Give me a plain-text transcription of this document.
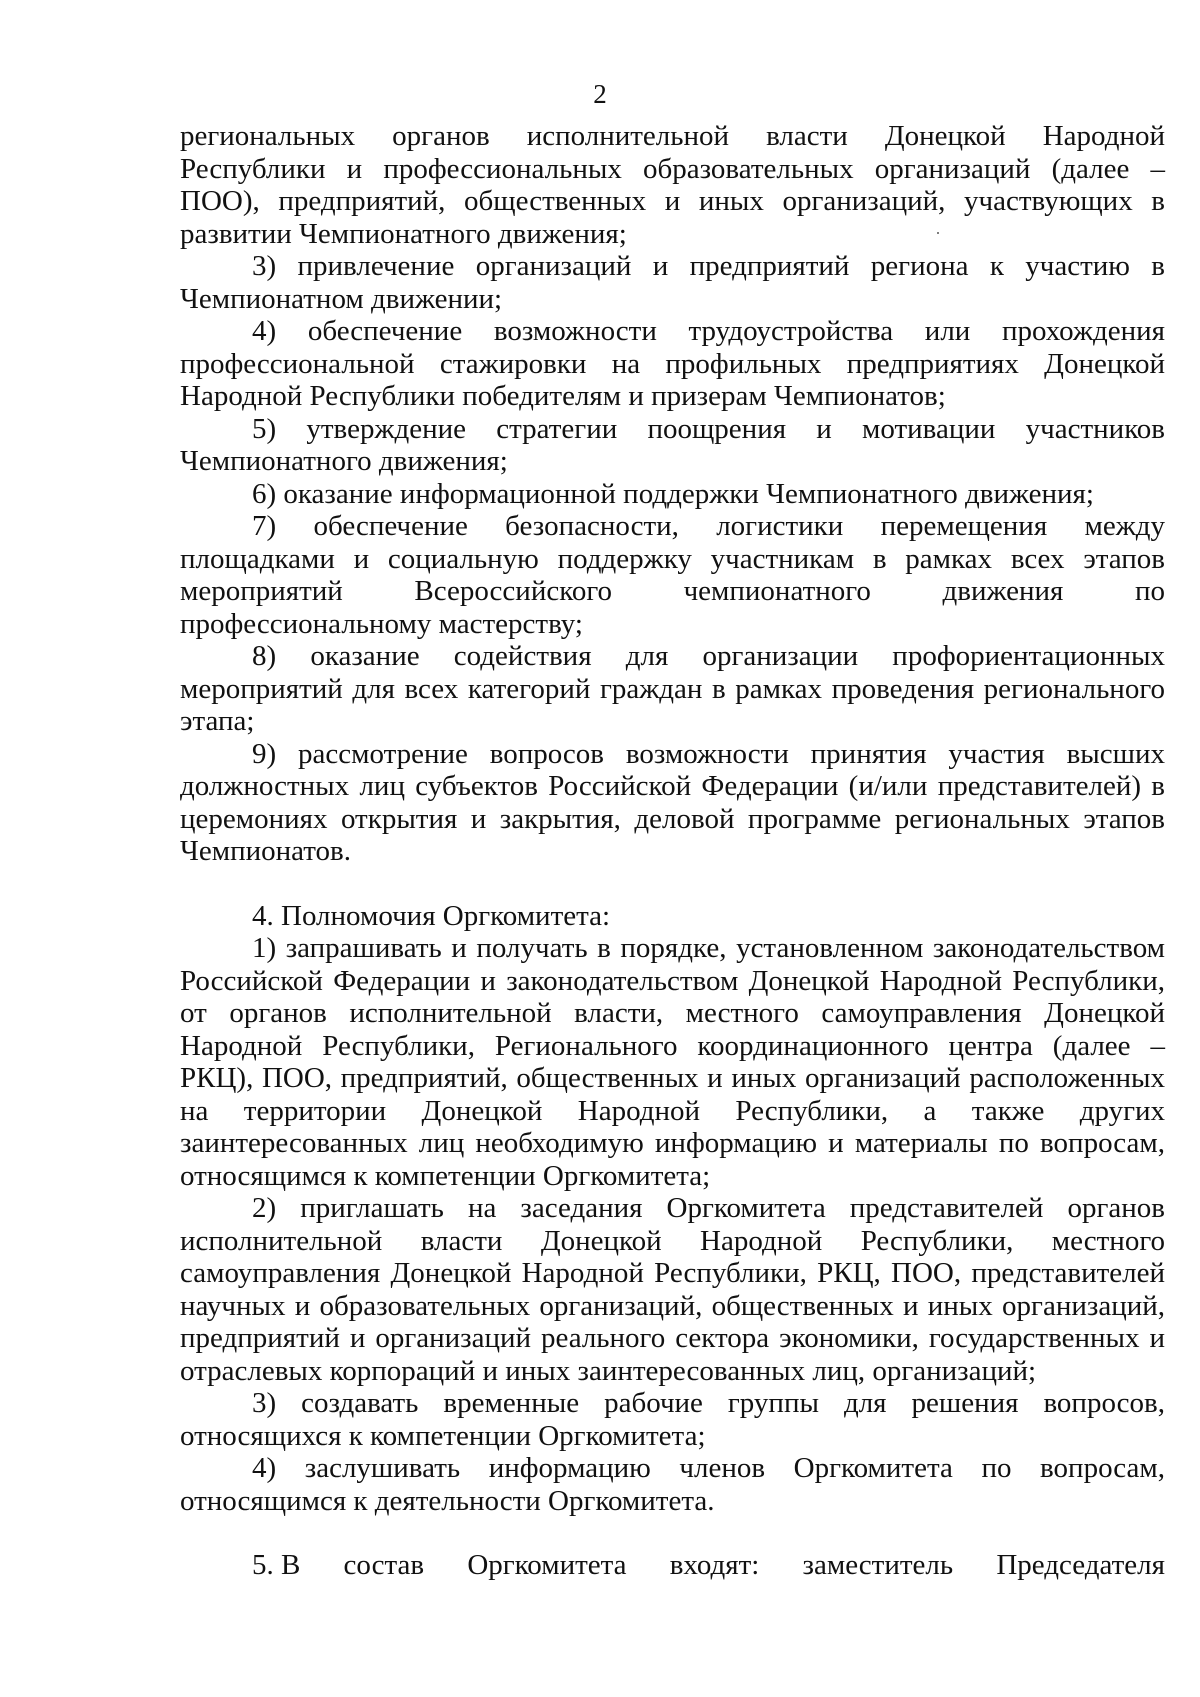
2

региональных органов исполнительной власти Донецкой Народной Республики и профессиональных образовательных организаций (далее – ПОО), предприятий, общественных и иных организаций, участвующих в развитии Чемпионатного движения;

3) привлечение организаций и предприятий региона к участию в Чемпионатном движении;

4) обеспечение возможности трудоустройства или прохождения профессиональной стажировки на профильных предприятиях Донецкой Народной Республики победителям и призерам Чемпионатов;

5) утверждение стратегии поощрения и мотивации участников Чемпионатного движения;

6) оказание информационной поддержки Чемпионатного движения;

7) обеспечение безопасности, логистики перемещения между площадками и социальную поддержку участникам в рамках всех этапов мероприятий Всероссийского чемпионатного движения по профессиональному мастерству;

8) оказание содействия для организации профориентационных мероприятий для всех категорий граждан в рамках проведения регионального этапа;

9) рассмотрение вопросов возможности принятия участия высших должностных лиц субъектов Российской Федерации (и/или представителей) в церемониях открытия и закрытия, деловой программе региональных этапов Чемпионатов.

4. Полномочия Оргкомитета:

1) запрашивать и получать в порядке, установленном законодательством Российской Федерации и законодательством Донецкой Народной Республики, от органов исполнительной власти, местного самоуправления Донецкой Народной Республики, Регионального координационного центра (далее – РКЦ), ПОО, предприятий, общественных и иных организаций расположенных на территории Донецкой Народной Республики, а также других заинтересованных лиц необходимую информацию и материалы по вопросам, относящимся к компетенции Оргкомитета;

2) приглашать на заседания Оргкомитета представителей органов исполнительной власти Донецкой Народной Республики, местного самоуправления Донецкой Народной Республики, РКЦ, ПОО, представителей научных и образовательных организаций, общественных и иных организаций, предприятий и организаций реального сектора экономики, государственных и отраслевых корпораций и иных заинтересованных лиц, организаций;

3) создавать временные рабочие группы для решения вопросов, относящихся к компетенции Оргкомитета;

4) заслушивать информацию членов Оргкомитета по вопросам, относящимся к деятельности Оргкомитета.

5. В состав Оргкомитета входят: заместитель Председателя
